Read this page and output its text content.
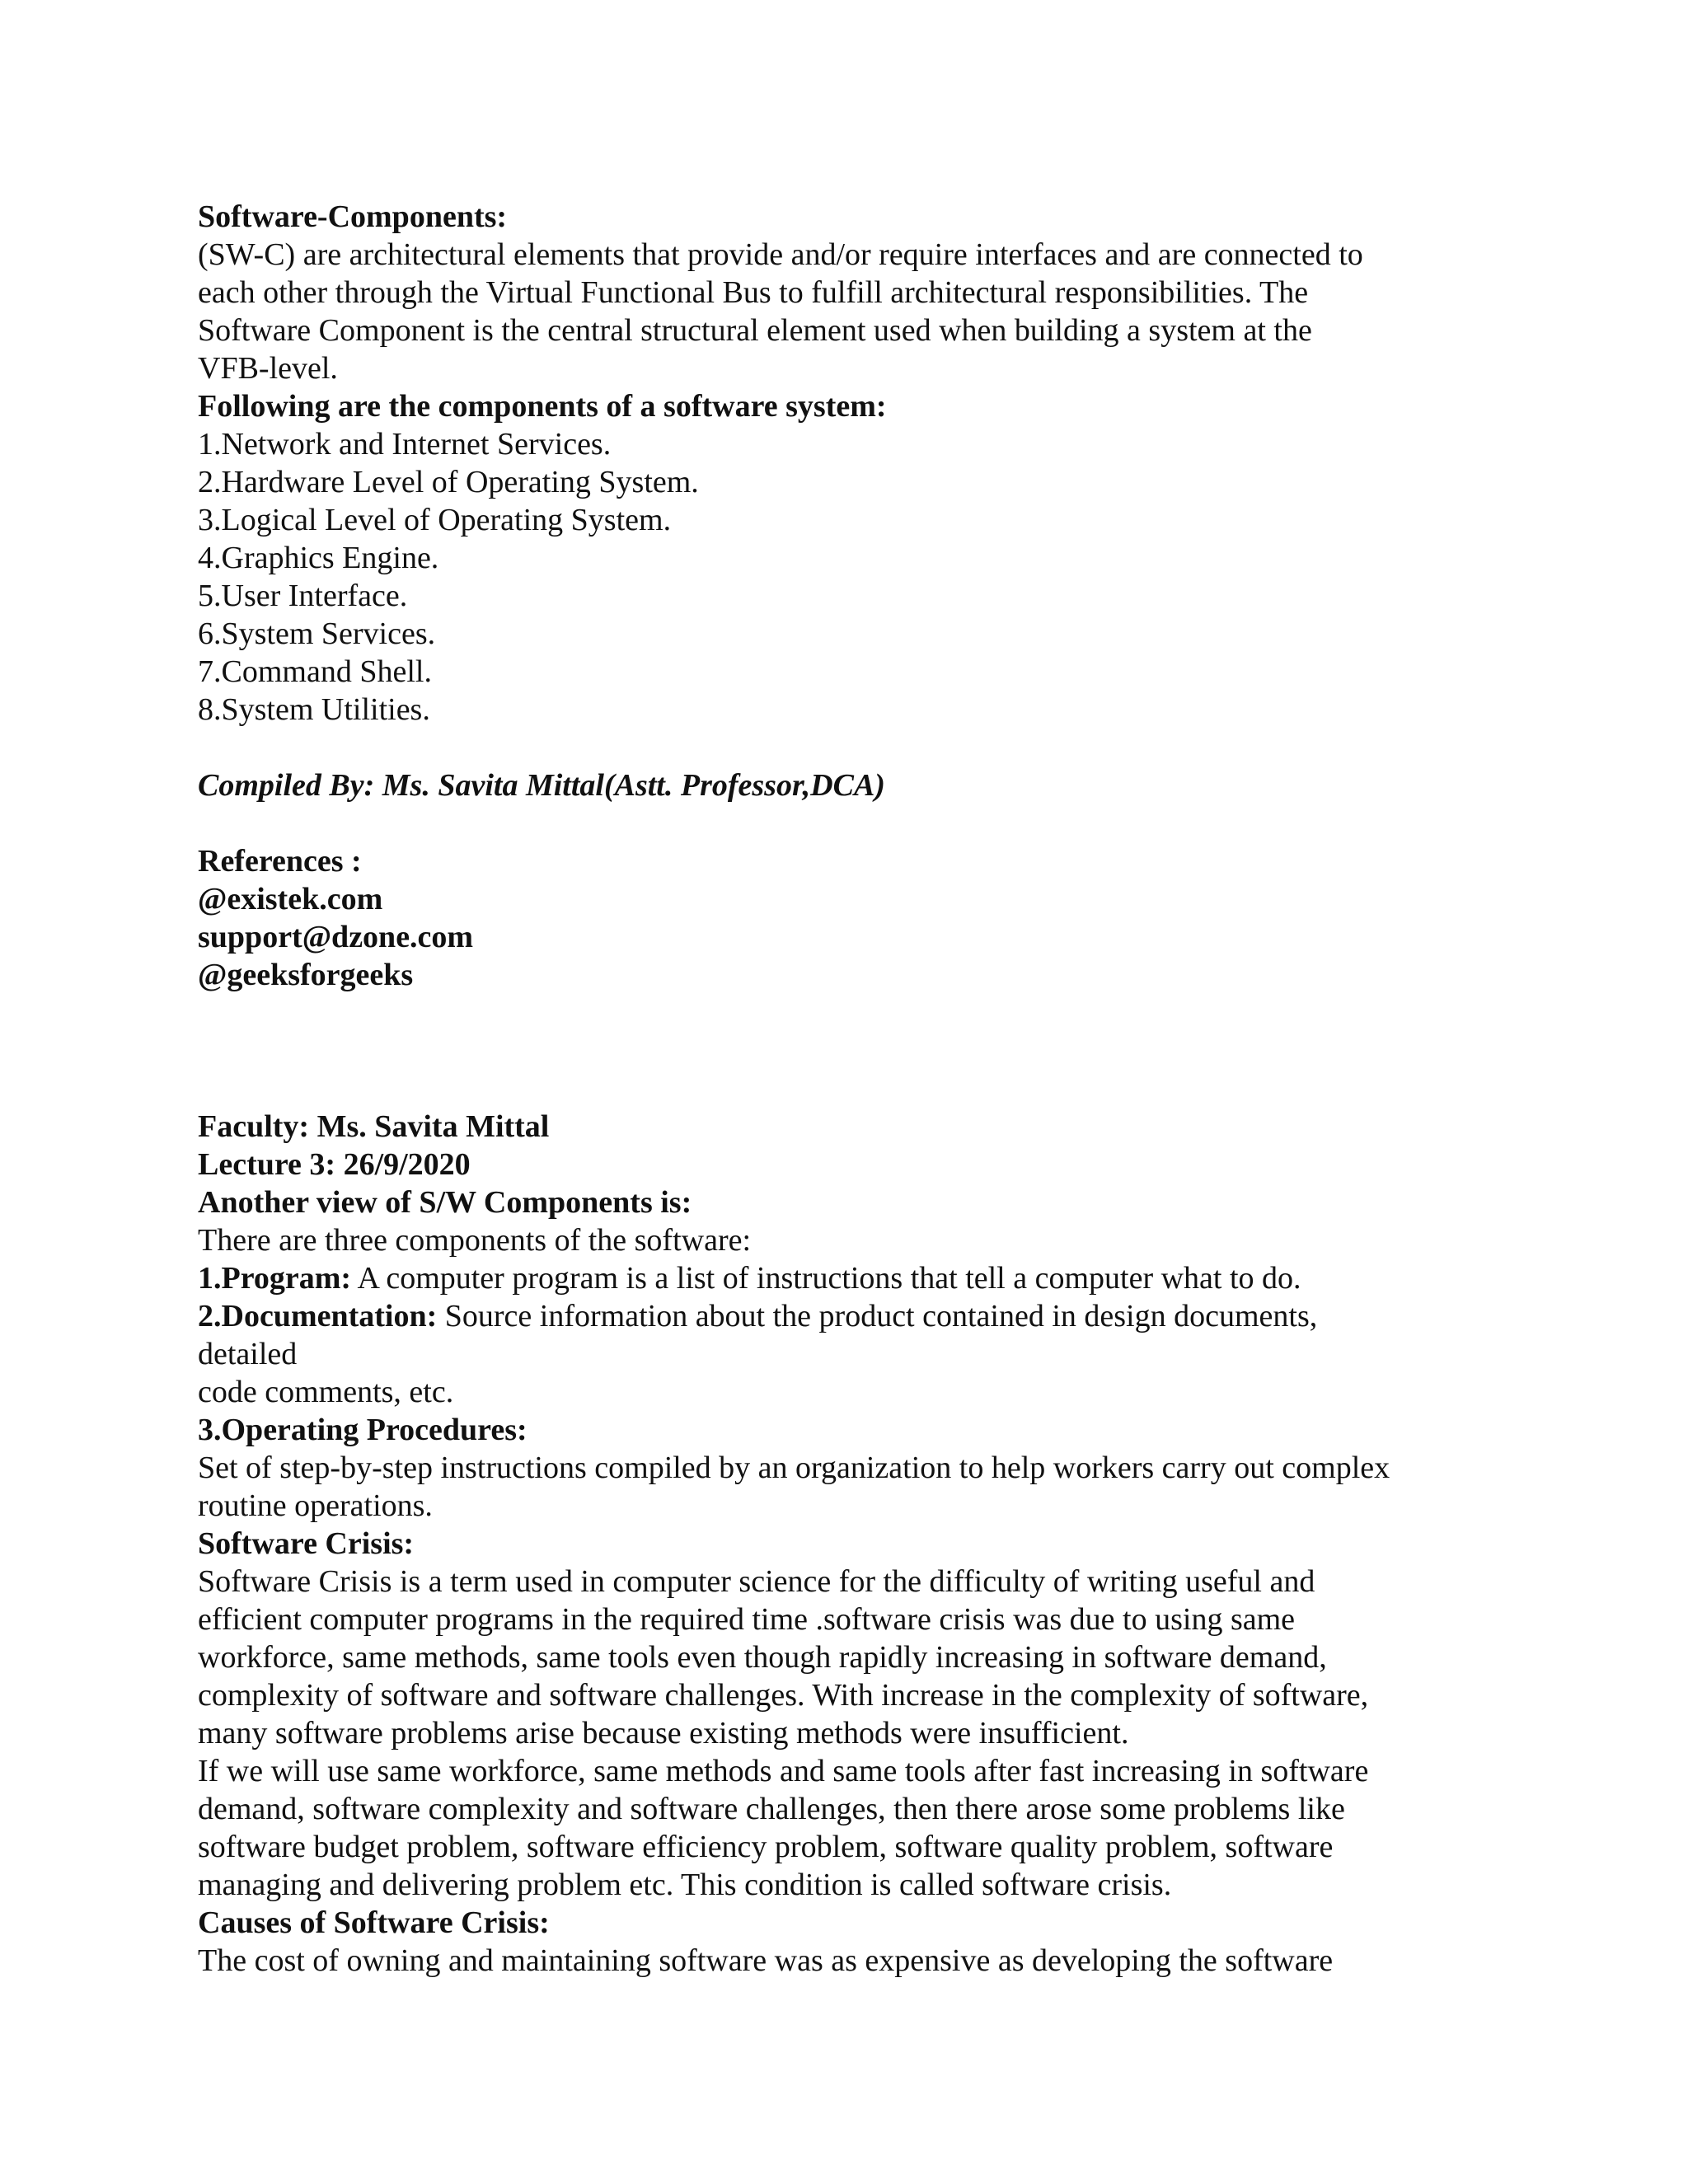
Software-Components:
(SW-C) are architectural elements that provide and/or require interfaces and are connected to
each other through the Virtual Functional Bus to fulfill architectural responsibilities. The
Software Component is the central structural element used when building a system at the
VFB-level.
Following are the components of a software system:
1.Network and Internet Services.
2.Hardware Level of Operating System.
3.Logical Level of Operating System.
4.Graphics Engine.
5.User Interface.
6.System Services.
7.Command Shell.
8.System Utilities.
Compiled By: Ms. Savita Mittal(Astt. Professor,DCA)
References :
@existek.com
support@dzone.com
@geeksforgeeks
Faculty: Ms. Savita Mittal
Lecture 3: 26/9/2020
Another view of S/W Components is:
There are three components of the software:
1.Program: A computer program is a list of instructions that tell a computer what to do.
2.Documentation: Source information about the product contained in design documents,
detailed
code comments, etc.
3.Operating Procedures:
Set of step-by-step instructions compiled by an organization to help workers carry out complex
routine operations.
Software Crisis:
Software Crisis is a term used in computer science for the difficulty of writing useful and
efficient computer programs in the required time .software crisis was due to using same
workforce, same methods, same tools even though rapidly increasing in software demand,
complexity of software and software challenges. With increase in the complexity of software,
many software problems arise because existing methods were insufficient.
If we will use same workforce, same methods and same tools after fast increasing in software
demand, software complexity and software challenges, then there arose some problems like
software budget problem, software efficiency problem, software quality problem, software
managing and delivering problem etc. This condition is called software crisis.
Causes of Software Crisis:
The cost of owning and maintaining software was as expensive as developing the software
